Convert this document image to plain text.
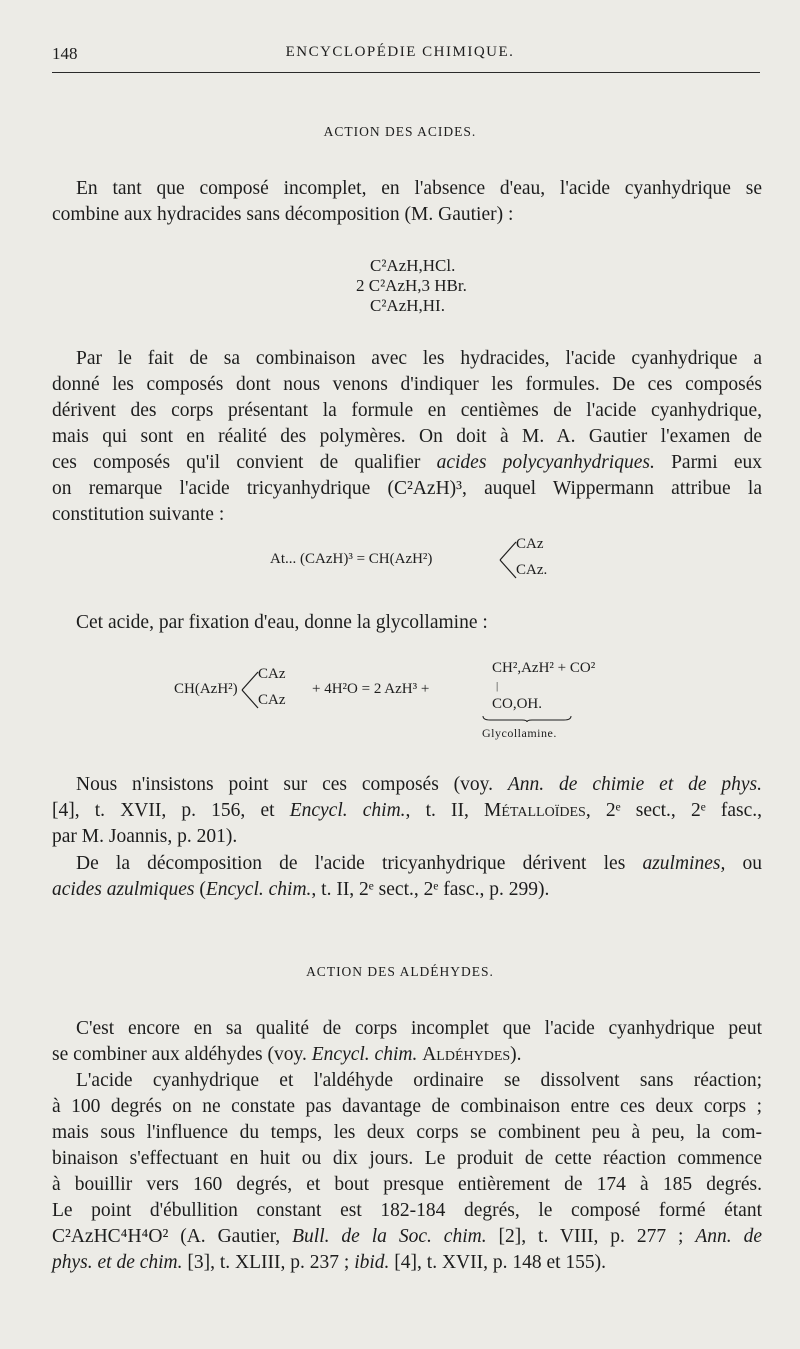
148	ENCYCLOPÉDIE CHIMIQUE.
ACTION DES ACIDES.
En tant que composé incomplet, en l'absence d'eau, l'acide cyanhydrique se
combine aux hydracides sans décomposition (M. Gautier) :
C²AzH,HCl.
2 C²AzH,3 HBr.
C²AzH,HI.
Par le fait de sa combinaison avec les hydracides, l'acide cyanhydrique a
donné les composés dont nous venons d'indiquer les formules. De ces composés
dérivent des corps présentant la formule en centièmes de l'acide cyanhydrique,
mais qui sont en réalité des polymères. On doit à M. A. Gautier l'examen de
ces composés qu'il convient de qualifier acides polycyanhydriques. Parmi eux
on remarque l'acide tricyanhydrique (C²AzH)³, auquel Wippermann attribue la
constitution suivante :
At... (CAzH)³ = CH(AzH²)
CAz
CAz.
Cet acide, par fixation d'eau, donne la glycollamine :
CH(AzH²)
CAz
CAz
+ 4H²O = 2 AzH³ +
CH²,AzH² + CO²
|
CO,OH.
Glycollamine.
Nous n'insistons point sur ces composés (voy. Ann. de chimie et de phys.
[4], t. XVII, p. 156, et Encycl. chim., t. II, Métalloïdes, 2ᵉ sect., 2ᵉ fasc.,
par M. Joannis, p. 201).
De la décomposition de l'acide tricyanhydrique dérivent les azulmines, ou
acides azulmiques (Encycl. chim., t. II, 2ᵉ sect., 2ᵉ fasc., p. 299).
ACTION DES ALDÉHYDES.
C'est encore en sa qualité de corps incomplet que l'acide cyanhydrique peut
se combiner aux aldéhydes (voy. Encycl. chim. Aldéhydes).
L'acide cyanhydrique et l'aldéhyde ordinaire se dissolvent sans réaction;
à 100 degrés on ne constate pas davantage de combinaison entre ces deux corps ;
mais sous l'influence du temps, les deux corps se combinent peu à peu, la com-
binaison s'effectuant en huit ou dix jours. Le produit de cette réaction commence
à bouillir vers 160 degrés, et bout presque entièrement de 174 à 185 degrés.
Le point d'ébullition constant est 182-184 degrés, le composé formé étant
C²AzHC⁴H⁴O² (A. Gautier, Bull. de la Soc. chim. [2], t. VIII, p. 277 ; Ann. de
phys. et de chim. [3], t. XLIII, p. 237 ; ibid. [4], t. XVII, p. 148 et 155).
